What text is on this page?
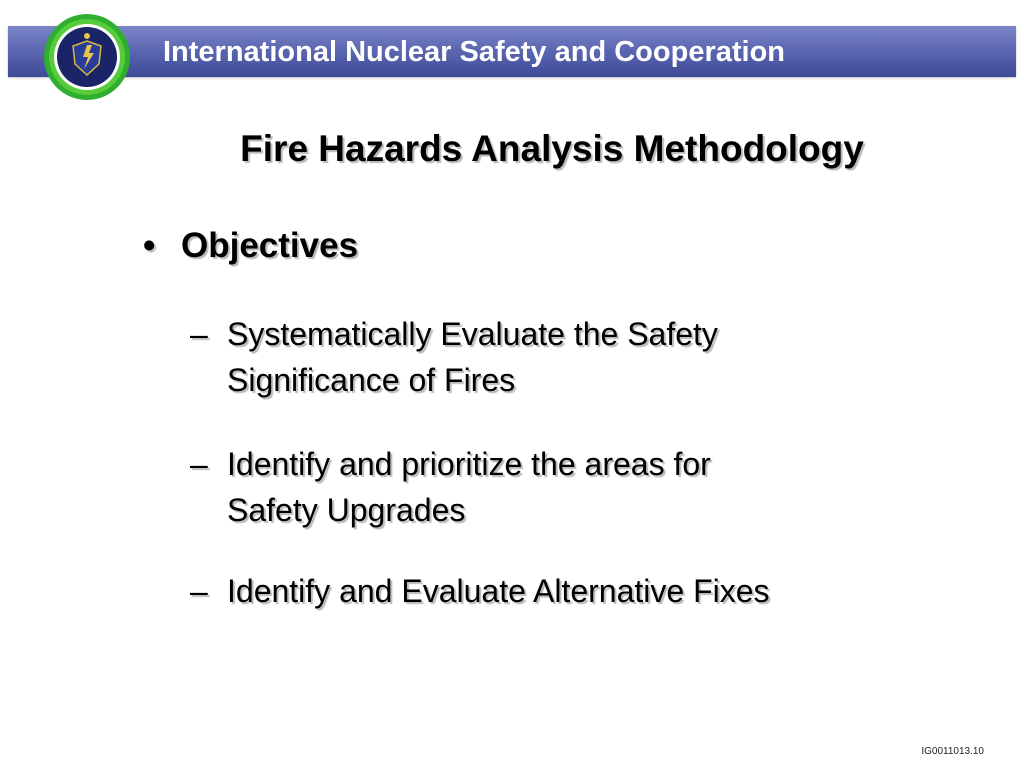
International Nuclear Safety and Cooperation
Fire Hazards Analysis Methodology
• Objectives
– Systematically Evaluate the Safety
Significance of Fires
– Identify and prioritize the areas for
Safety Upgrades
– Identify and Evaluate Alternative Fixes
IG0011013.10
